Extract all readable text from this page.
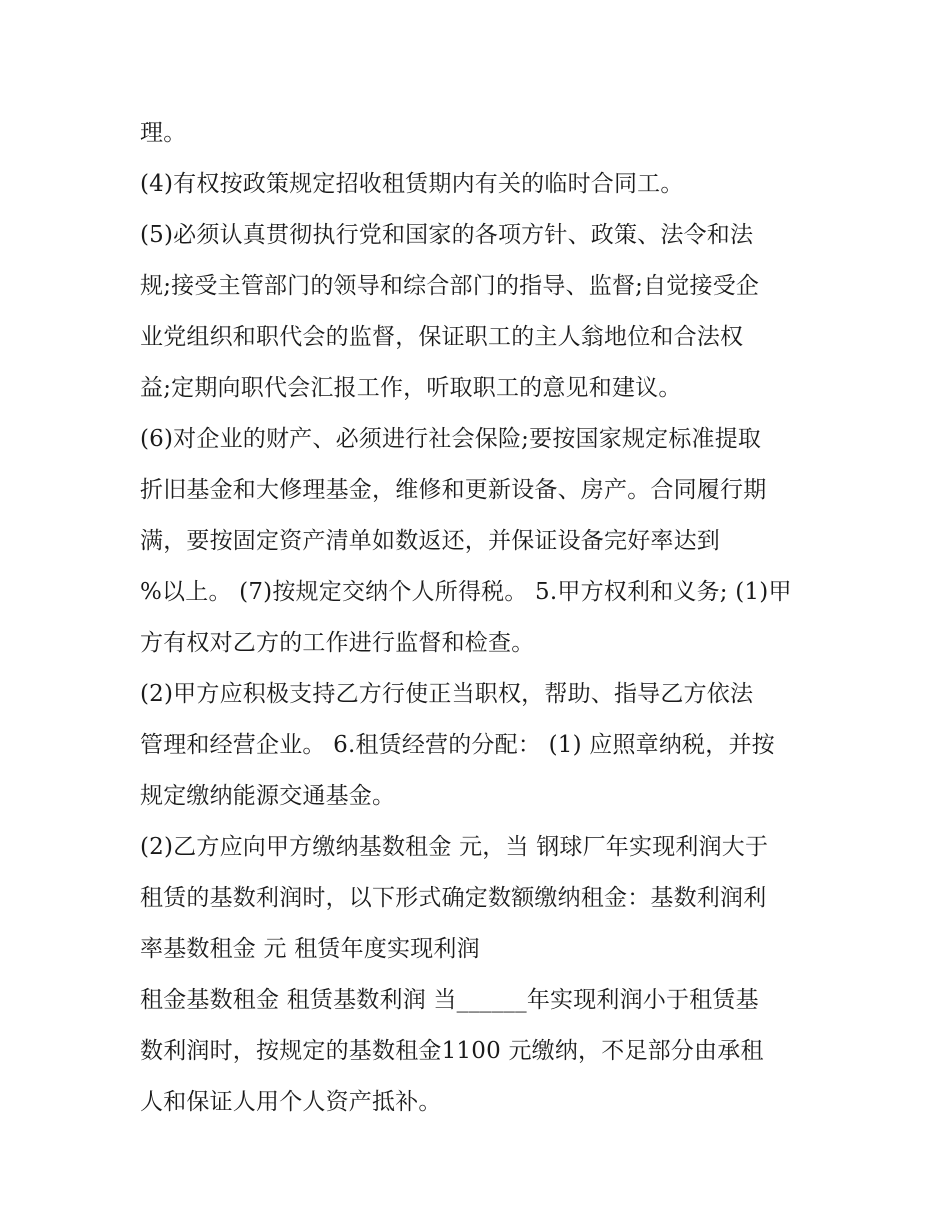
理。
(4)有权按政策规定招收租赁期内有关的临时合同工。
(5)必须认真贯彻执行党和国家的各项方针、政策、法令和法
规;接受主管部门的领导和综合部门的指导、监督;自觉接受企
业党组织和职代会的监督，保证职工的主人翁地位和合法权
益;定期向职代会汇报工作，听取职工的意见和建议。
(6)对企业的财产、必须进行社会保险;要按国家规定标准提取
折旧基金和大修理基金，维修和更新设备、房产。合同履行期
满，要按固定资产清单如数返还，并保证设备完好率达到
%以上。 (7)按规定交纳个人所得税。 5.甲方权利和义务; (1)甲
方有权对乙方的工作进行监督和检查。
(2)甲方应积极支持乙方行使正当职权，帮助、指导乙方依法
管理和经营企业。 6.租赁经营的分配： (1) 应照章纳税，并按
规定缴纳能源交通基金。
(2)乙方应向甲方缴纳基数租金 元，当 钢球厂年实现利润大于
租赁的基数利润时，以下形式确定数额缴纳租金：基数利润利
率基数租金 元 租赁年度实现利润
租金基数租金 租赁基数利润 当______年实现利润小于租赁基
数利润时，按规定的基数租金1100 元缴纳，不足部分由承租
人和保证人用个人资产抵补。
